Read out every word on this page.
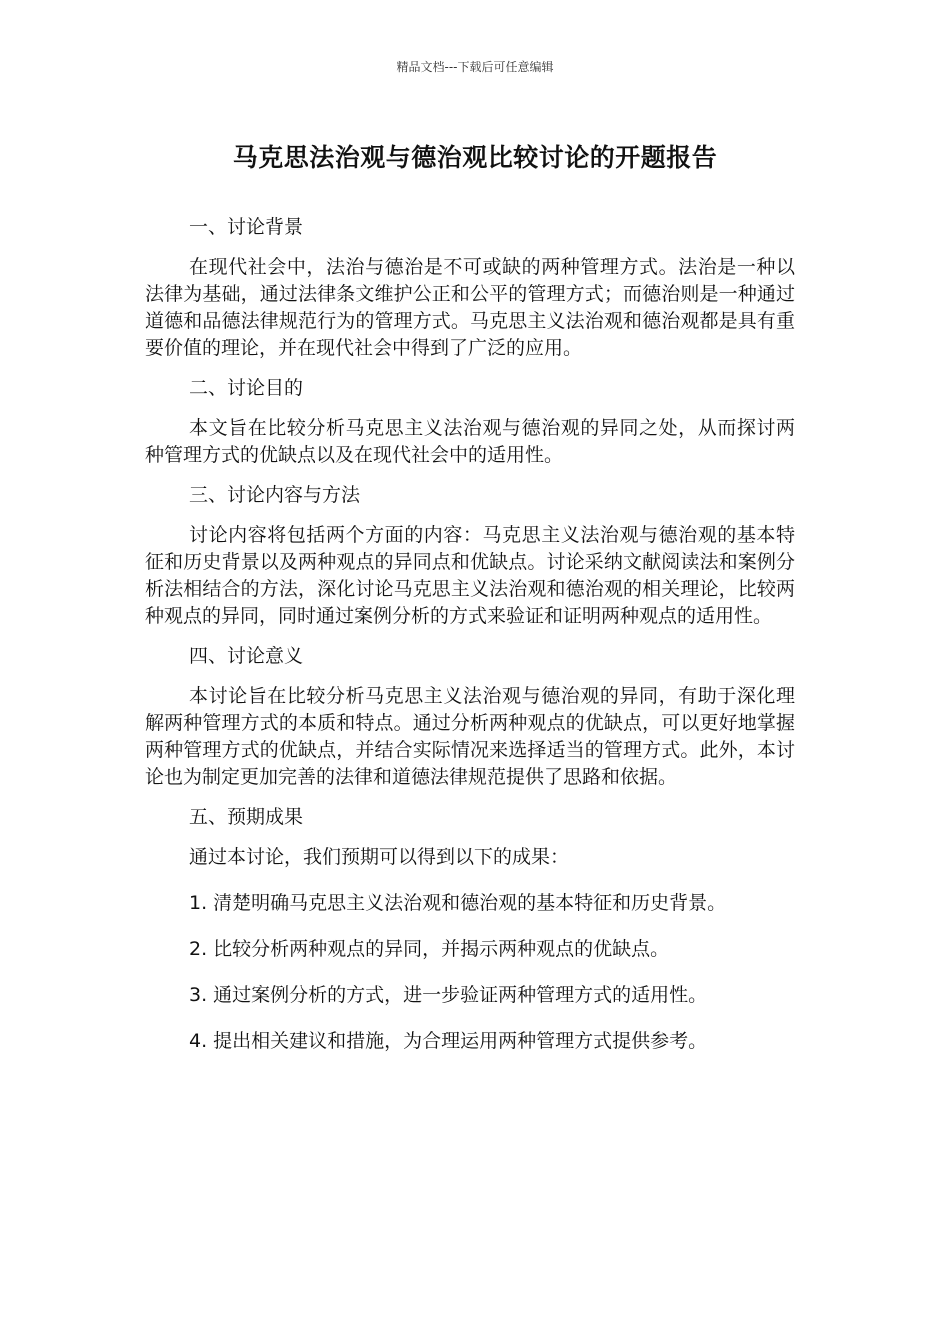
精品文档---下载后可任意编辑
马克思法治观与德治观比较讨论的开题报告

一、讨论背景

在现代社会中，法治与德治是不可或缺的两种管理方式。法治是一种以法律为基础，通过法律条文维护公正和公平的管理方式；而德治则是一种通过道德和品德法律规范行为的管理方式。马克思主义法治观和德治观都是具有重要价值的理论，并在现代社会中得到了广泛的应用。

二、讨论目的

本文旨在比较分析马克思主义法治观与德治观的异同之处，从而探讨两种管理方式的优缺点以及在现代社会中的适用性。

三、讨论内容与方法

讨论内容将包括两个方面的内容：马克思主义法治观与德治观的基本特征和历史背景以及两种观点的异同点和优缺点。讨论采纳文献阅读法和案例分析法相结合的方法，深化讨论马克思主义法治观和德治观的相关理论，比较两种观点的异同，同时通过案例分析的方式来验证和证明两种观点的适用性。

四、讨论意义

本讨论旨在比较分析马克思主义法治观与德治观的异同，有助于深化理解两种管理方式的本质和特点。通过分析两种观点的优缺点，可以更好地掌握两种管理方式的优缺点，并结合实际情况来选择适当的管理方式。此外，本讨论也为制定更加完善的法律和道德法律规范提供了思路和依据。

五、预期成果

通过本讨论，我们预期可以得到以下的成果：

1. 清楚明确马克思主义法治观和德治观的基本特征和历史背景。

2. 比较分析两种观点的异同，并揭示两种观点的优缺点。

3. 通过案例分析的方式，进一步验证两种管理方式的适用性。

4. 提出相关建议和措施，为合理运用两种管理方式提供参考。
